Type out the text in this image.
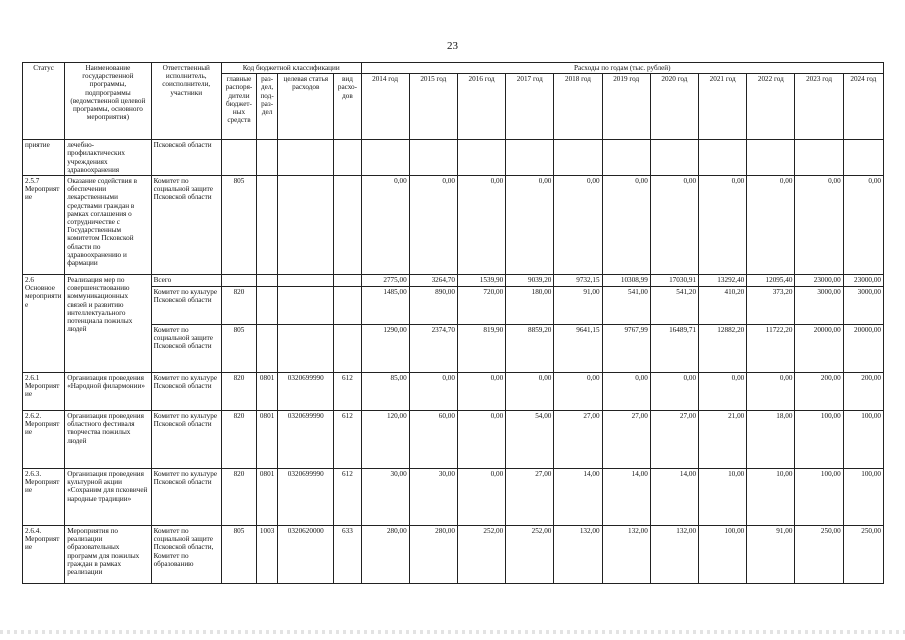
23
Статус	Наименование государственной программы, подпрограммы (ведомственной целевой программы, основного мероприятия)	Ответственный исполнитель, соисполнители, участники	Код бюджетной классификации				Расходы по годам (тыс. рублей)										
			главные распоря-дители бюджет-ных средств	раз-дел, под-раз-дел	целевая статья расходов	вид расхо-дов	2014 год	2015 год	2016 год	2017 год	2018 год	2019 год	2020 год	2021 год	2022 год	2023 год	2024 год
приятие	лечебно-профилактических учреждениях здравоохранения	Псковской области															
2.5.7 Мероприятие	Оказание содействия в обеспечении лекарственными средствами граждан в рамках соглашения о сотрудничестве с Государственным комитетом Псковской области по здравоохранению и фармации	Комитет по социальной защите Псковской области	805				0,00	0,00	0,00	0,00	0,00	0,00	0,00	0,00	0,00	0,00	0,00
2.6 Основное мероприятие	Реализация мер по совершенствованию коммуникационных связей и развитию интеллектуального потенциала пожилых людей	Всего					2775,00	3264,70	1539,90	9039,20	9732,15	10308,99	17030,91	13292,40	12095,40	23000,00	23000,00
		Комитет по культуре Псковской области	820				1485,00	890,00	720,00	180,00	91,00	541,00	541,20	410,20	373,20	3000,00	3000,00
		Комитет по социальной защите Псковской области	805				1290,00	2374,70	819,90	8859,20	9641,15	9767,99	16489,71	12882,20	11722,20	20000,00	20000,00
2.6.1 Мероприятие	Организация проведения «Народной филармонии»	Комитет по культуре Псковской области	820	0801	0320699990	612	85,00	0,00	0,00	0,00	0,00	0,00	0,00	0,00	0,00	200,00	200,00
2.6.2. Мероприятие	Организация проведения областного фестиваля творчества пожилых людей	Комитет по культуре Псковской области	820	0801	0320699990	612	120,00	60,00	0,00	54,00	27,00	27,00	27,00	21,00	18,00	100,00	100,00
2.6.3. Мероприятие	Организация проведения культурной акции «Сохраним для псковичей народные традиции»	Комитет по культуре Псковской области	820	0801	0320699990	612	30,00	30,00	0,00	27,00	14,00	14,00	14,00	10,00	10,00	100,00	100,00
2.6.4. Мероприятие	Мероприятия по реализации образовательных программ для пожилых граждан в рамках реализации	Комитет по социальной защите Псковской области, Комитет по образованию	805	1003	0320620000	633	280,00	280,00	252,00	252,00	132,00	132,00	132,00	100,00	91,00	250,00	250,00
